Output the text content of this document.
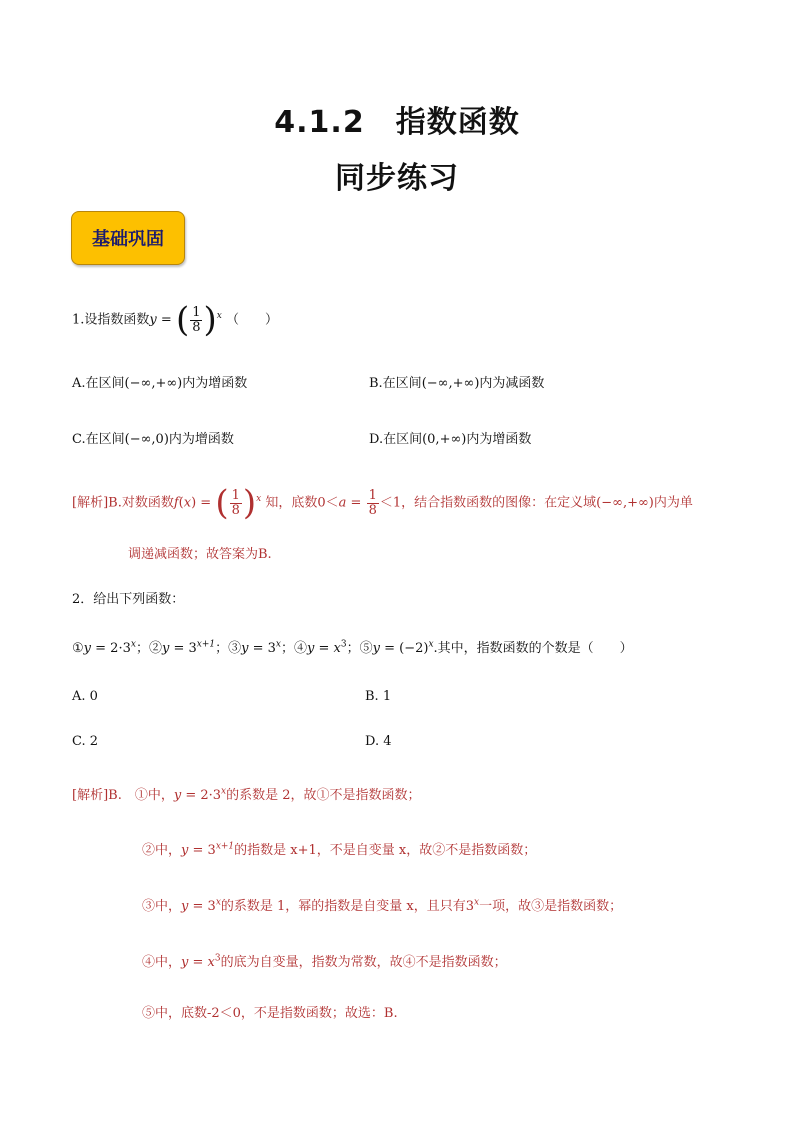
4.1.2　指数函数
同步练习
基础巩固
1.设指数函数y = ( $\frac{1}{8} )^x$ （　　）
A.在区间(−∞,+∞)内为增函数	B.在区间(−∞,+∞)内为减函数
C.在区间(−∞,0)内为增函数	D.在区间(0,+∞)内为增函数
[解析]B.对数函数f(x) = ( $\frac{1}{8} )^x$ 知，底数$0<a = \frac{1}{8} <1$，结合指数函数的图像：在定义域(−∞,+∞)内为单
调递减函数；故答案为B.
2．给出下列函数：
①y = $2\cdot 3^x$；②y = $3^{x+1}$；③y = $3^x$；④y = $x^3$；⑤y = $(-2)^x$.其中，指数函数的个数是（　　）
A. 0	B. 1
C. 2	D. 4
[解析]B.　①中，$y = 2\cdot 3^x$的系数是 2，故①不是指数函数；
②中，$y = 3^{x+1}$的指数是 x+1，不是自变量 x，故②不是指数函数；
③中，$y = 3^x$的系数是 1，幂的指数是自变量 x，且只有3$^x$一项，故③是指数函数；
④中，$y = x^3$的底为自变量，指数为常数，故④不是指数函数；
⑤中，底数-2＜0，不是指数函数；故选：B.
